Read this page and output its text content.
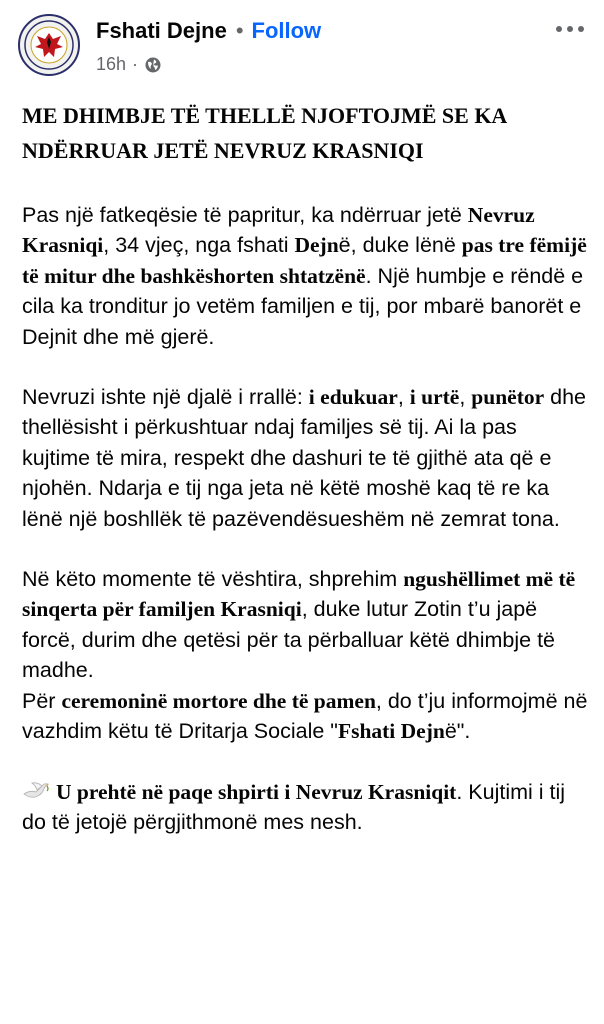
Fshati Dejne • Follow
16h ·
ME DHIMBJE TË THELLË NJOFTOJMË SE KA
NDËRRUAR JETË NEVRUZ KRASNIQI

Pas një fatkeqësie të papritur, ka ndërruar jetë Nevruz Krasniqi, 34 vjeç, nga fshati Dejnë, duke lënë pas tre fëmijë të mitur dhe bashkëshorten shtatzënë. Një humbje e rëndë e cila ka tronditur jo vetëm familjen e tij, por mbarë banorët e Dejnit dhe më gjerë.

Nevruzi ishte një djalë i rrallë: i edukuar, i urtë, punëtor dhe thellësisht i përkushtuar ndaj familjes së tij. Ai la pas kujtime të mira, respekt dhe dashuri te të gjithë ata që e njohën. Ndarja e tij nga jeta në këtë moshë kaq të re ka lënë një boshllëk të pazëvendësueshëm në zemrat tona.

Në këto momente të vështira, shprehim ngushëllimet më të sinqerta për familjen Krasniqi, duke lutur Zotin t’u japë forcë, durim dhe qetësi për ta përballuar këtë dhimbje të madhe.

Për ceremoninë mortore dhe të pamen, do t’ju informojmë në vazhdim këtu të Dritarja Sociale "Fshati Dejnë".

U prehtë në paqe shpirti i Nevruz Krasniqit. Kujtimi i tij do të jetojë përgjithmonë mes nesh.
